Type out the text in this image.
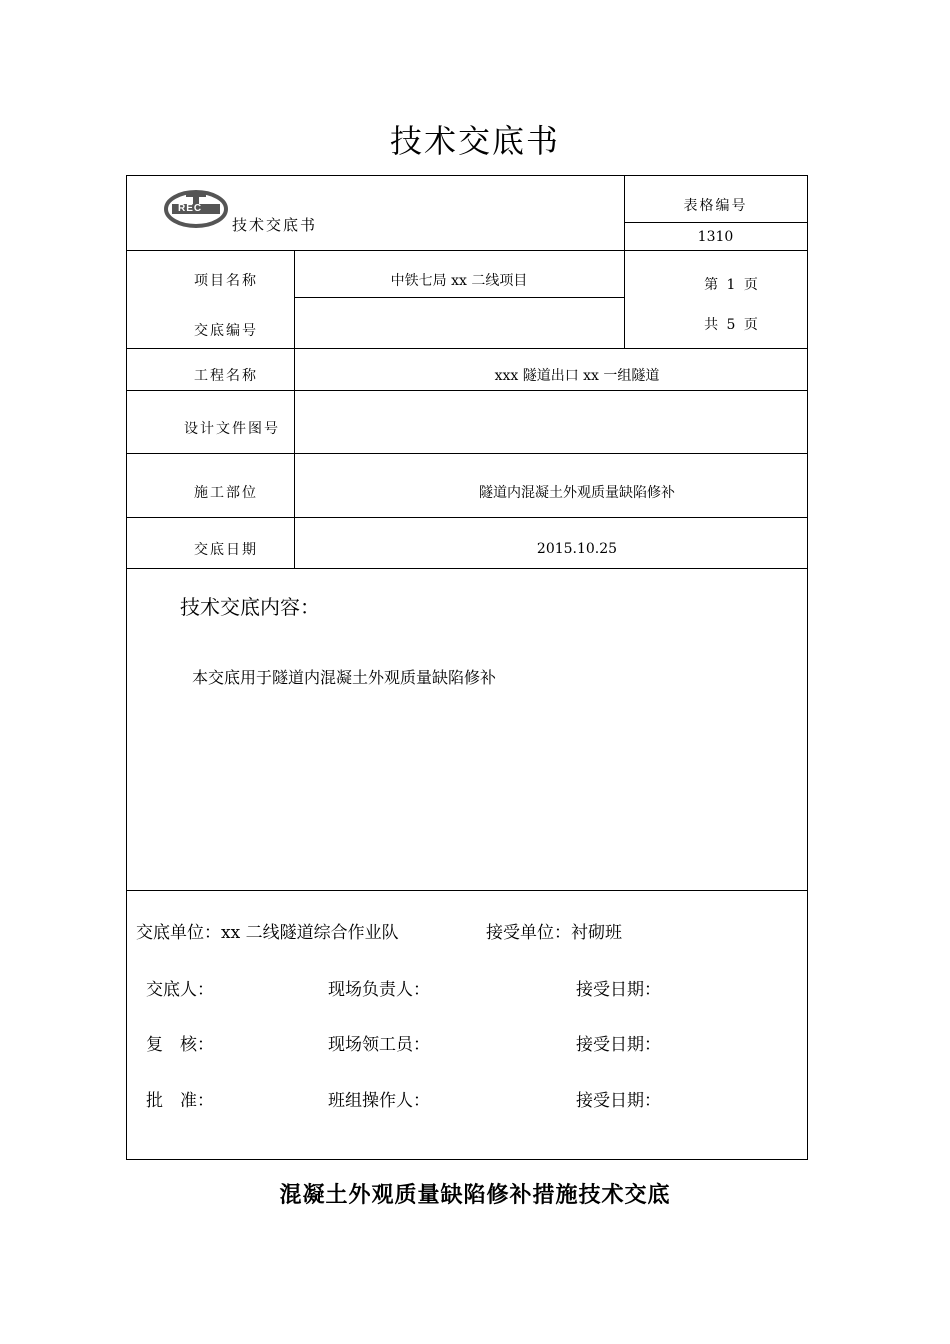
技术交底书
REC
技术交底书
表格编号
1310
项目名称	中铁七局 xx 二线项目
交底编号
第 1 页
共 5 页
工程名称	xxx 隧道出口 xx 一组隧道
设计文件图号
施工部位	隧道内混凝土外观质量缺陷修补
交底日期	2015.10.25
技术交底内容：
本交底用于隧道内混凝土外观质量缺陷修补
交底单位：xx 二线隧道综合作业队	接受单位：衬砌班
交底人：	现场负责人：	接受日期：
复　核：	现场领工员：	接受日期：
批　准：	班组操作人：	接受日期：
混凝土外观质量缺陷修补措施技术交底
